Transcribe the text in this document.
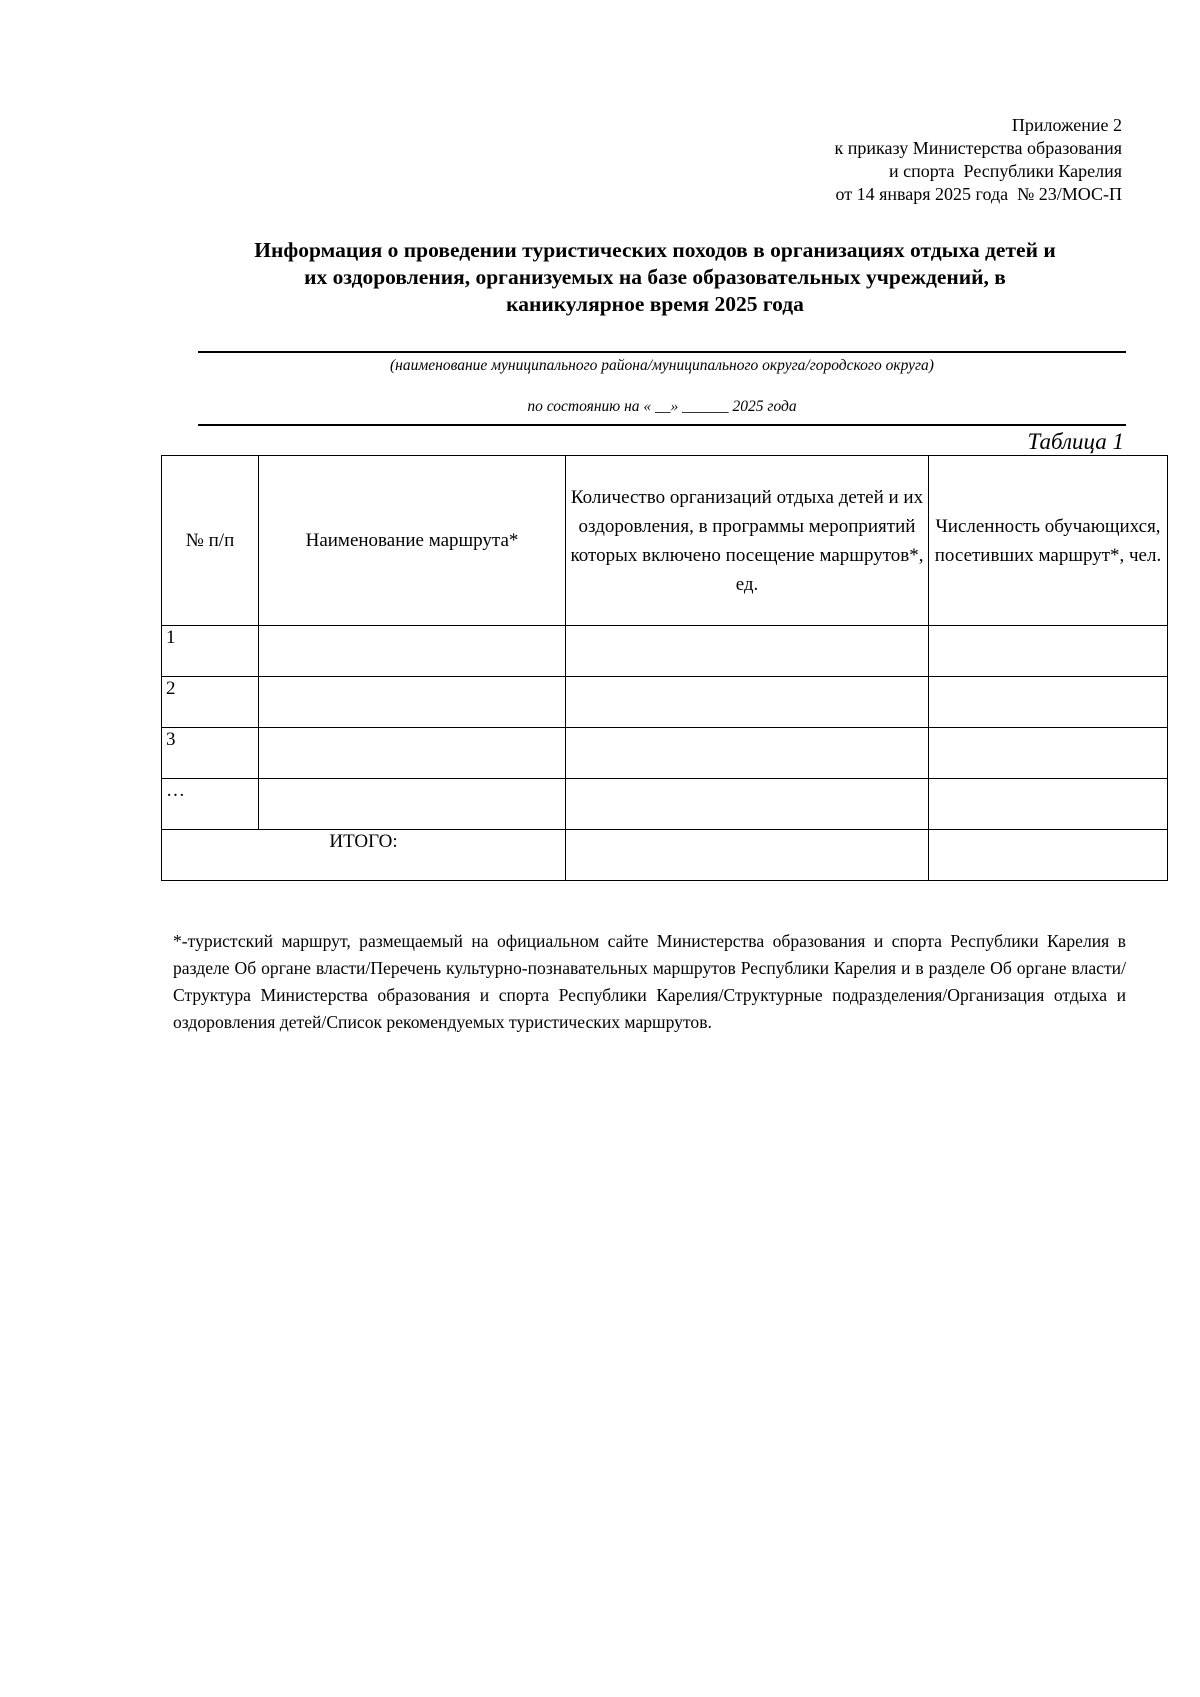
Приложение 2
к приказу Министерства образования
и спорта  Республики Карелия
от 14 января 2025 года  № 23/МОС-П
Информация о проведении туристических походов в организациях отдыха детей и
их оздоровления, организуемых на базе образовательных учреждений, в
каникулярное время 2025 года
(наименование муниципального района/муниципального округа/городского округа)
по состоянию на « __» ______ 2025 года
Таблица 1
№ п/п	Наименование маршрута*	Количество организаций отдыха детей и их оздоровления, в программы мероприятий которых включено посещение маршрутов*, ед.	Численность обучающихся, посетивших маршрут*, чел.
1			
2			
3			
…			
ИТОГО:			
*-туристский маршрут, размещаемый на официальном сайте Министерства образования и спорта Республики Карелия в разделе Об органе власти/Перечень культурно-познавательных маршрутов Республики Карелия и в разделе Об органе власти/ Структура Министерства образования и спорта Республики Карелия/Структурные подразделения/Организация отдыха и оздоровления детей/Список рекомендуемых туристических маршрутов.
